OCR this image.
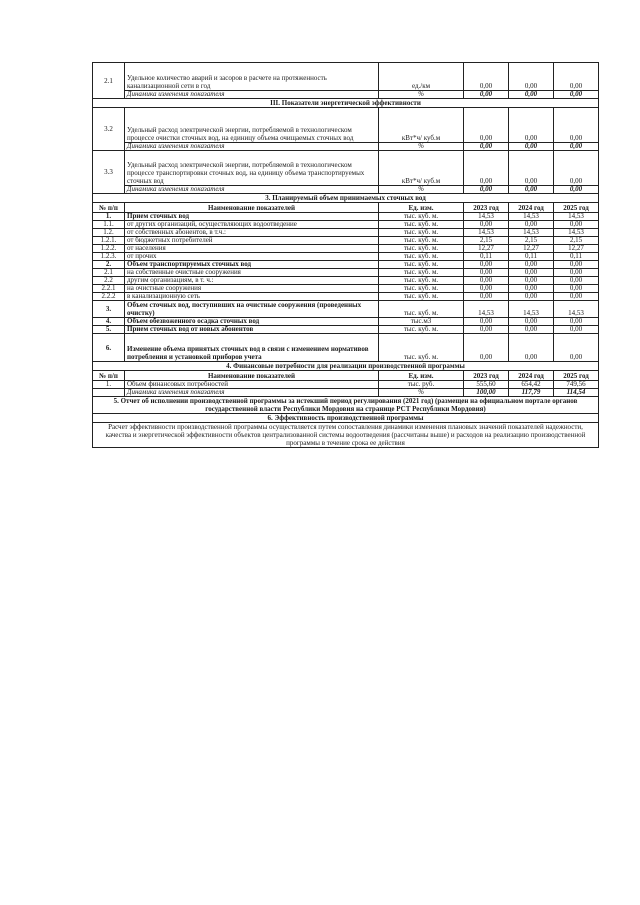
2.1	Удельное количество аварий и засоров в расчете на протяженность канализационной сети в год	ед./км	0,00	0,00	0,00
	Динамика изменения показателя	%	0,00	0,00	0,00
III. Показатели энергетической эффективности					
3.2	Удельный расход электрической энергии, потребляемой в технологическом процессе очистки сточных вод, на единицу объема очищаемых сточных вод	кВт*ч/ куб.м	0,00	0,00	0,00
	Динамика изменения показателя	%	0,00	0,00	0,00
3.3	Удельный расход электрической энергии, потребляемой в технологическом процессе транспортировки сточных вод, на единицу объема транспортируемых сточных вод	кВт*ч/ куб.м	0,00	0,00	0,00
	Динамика изменения показателя	%	0,00	0,00	0,00
3. Планируемый объем принимаемых сточных вод					
№ п/п	Наименование показателей	Ед. изм.	2023 год	2024 год	2025 год
1.	Прием сточных вод	тыс. куб. м.	14,53	14,53	14,53
1.1.	от других организаций, осуществляющих водоотведение	тыс. куб. м.	0,00	0,00	0,00
1.2.	от собственных абонентов, в т.ч.:	тыс. куб. м.	14,53	14,53	14,53
1.2.1.	от бюджетных потребителей	тыс. куб. м.	2,15	2,15	2,15
1.2.2.	от населения	тыс. куб. м.	12,27	12,27	12,27
1.2.3.	от прочих	тыс. куб. м.	0,11	0,11	0,11
2.	Объем транспортируемых сточных вод	тыс. куб. м.	0,00	0,00	0,00
2.1	на собственные очистные сооружения	тыс. куб. м.	0,00	0,00	0,00
2.2	другим организациям, в т. ч.:	тыс. куб. м.	0,00	0,00	0,00
2.2.1	на очистные сооружения	тыс. куб. м.	0,00	0,00	0,00
2.2.2	в канализационную сеть	тыс. куб. м.	0,00	0,00	0,00
3.	Объем сточных вод, поступивших на очистные сооружения (проведенных очистку)	тыс. куб. м.	14,53	14,53	14,53
4.	Объем обезвоженного осадка сточных вод	тыс.м3	0,00	0,00	0,00
5.	Прием сточных вод от новых абонентов	тыс. куб. м.	0,00	0,00	0,00
6.	Изменение объема принятых сточных вод в связи с изменением нормативов потребления и установкой приборов учета	тыс. куб. м.	0,00	0,00	0,00
4. Финансовые потребности для реализации производственной программы					
№ п/п	Наименование показателей	Ед. изм.	2023 год	2024 год	2025 год
1.	Объем финансовых потребностей	тыс. руб.	555,60	654,42	749,56
	Динамика изменения показателя	%	100,00	117,79	114,54
5. Отчет об исполнении производственной программы за истекший период регулирования (2021 год) (размещен на официальном портале органов государственной власти Республики Мордовия на странице РСТ Республики Мордовия)					
6. Эффективность производственной программы					
Расчет эффективности производственной программы осуществляется путем сопоставления динамики изменения плановых значений показателей надежности, качества и энергетической эффективности объектов централизованной системы водоотведения (рассчитаны выше) и расходов на реализацию производственной программы в течение срока ее действия					
